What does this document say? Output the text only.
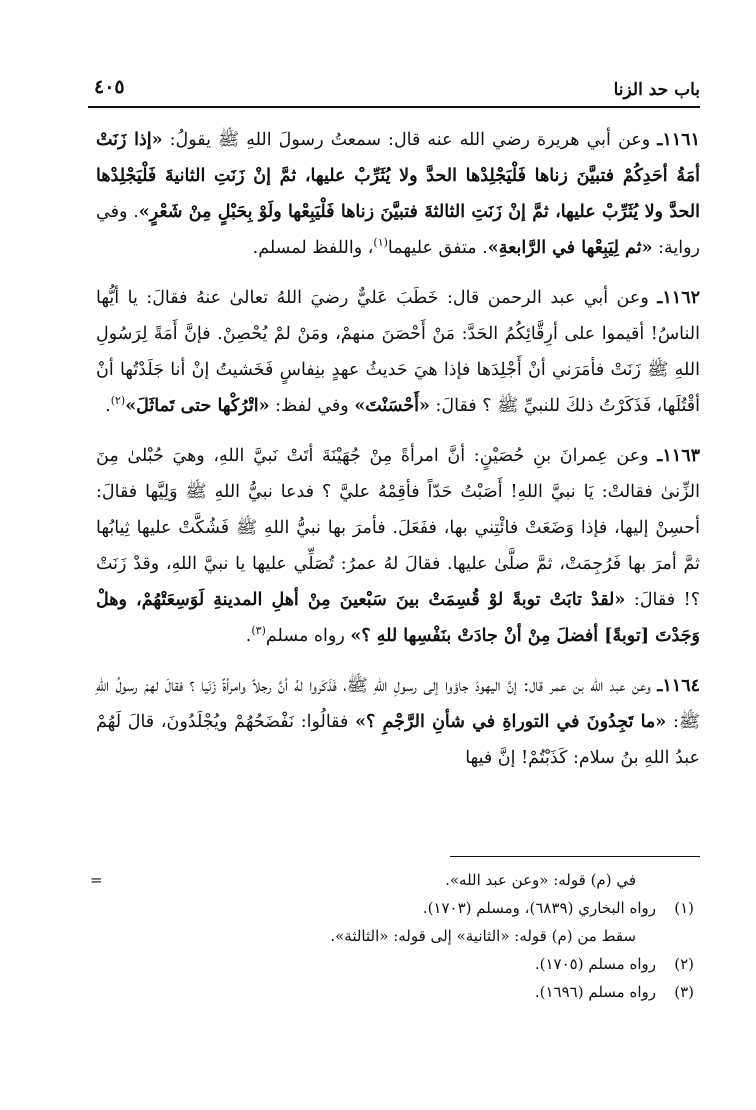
باب حد الزنا
٤٠٥

١١٦١ـ وعن أبي هريرة رضي الله عنه قال: سمعتُ رسولَ اللهِ ﷺ يقولُ: «إذا زَنَتْ أمَةُ أحَدِكُمْ فتبيَّنَ زناها فَلْيَجْلِدْها الحدَّ ولا يُثَرِّبْ عليها، ثمَّ إنْ زَنَتِ الثانيةَ فَلْيَجْلِدْها الحدَّ ولا يُثَرِّبْ عليها، ثمَّ إنْ زَنَتِ الثالثةَ فتبيَّنَ زناها فَلْيَبِعْها ولَوْ بِحَبْلٍ مِنْ شَعْرٍ». وفي رواية: «ثم لِيَبِعْها في الرَّابعةِ». متفق عليهما$^{(١)}$، واللفظ لمسلم.

١١٦٢ـ وعن أبي عبد الرحمن قال: خَطَبَ عَليٌّ رضيَ اللهُ تعالىٰ عنهُ فقالَ: يا أيُّها الناسُ! أقيموا على أرِقَّائِكُمُ الحَدَّ: مَنْ أَحْصَنَ منهمْ، ومَنْ لمْ يُحْصِنْ. فإنَّ أَمَةً لِرَسُولِ اللهِ ﷺ زَنَتْ فأمَرَني أنْ أَجْلِدَها فإذا هيَ حَديثُ عهدٍ بنِفاسٍ فَخَشيتُ إنْ أنا جَلَدْتُها أنْ أقْتُلَها، فَذَكَرْتُ ذلكَ للنبيِّ ﷺ ؟ فقالَ: «أَحْسَنْتَ» وفي لفظ: «اتْرُكْها حتى تَماثَلَ»$^{(٢)}$.

١١٦٣ـ وعن عِمرانَ بنِ حُصَيْنٍ: أنَّ امرأةً مِنْ جُهَيْنَةَ أتَتْ نَبيَّ اللهِ، وهيَ حُبْلىٰ مِنَ الزِّنىٰ فقالتْ: يَا نبيَّ اللهِ! أَصَبْتُ حَدّاً فأقِمْهُ عليَّ ؟ فدعا نبيُّ اللهِ ﷺ وَلِيَّها فقالَ: أحسِنْ إليها، فإذا وَضَعَتْ فائْتِني بها، ففَعَلَ. فأمرَ بها نبيُّ اللهِ ﷺ فَشُكَّتْ عليها ثِيابُها ثمَّ أمرَ بها فَرُجِمَتْ، ثمَّ صلَّىٰ عليها. فقالَ لهُ عمرُ: تُصَلِّي عليها يا نبيَّ اللهِ، وقدْ زَنَتْ ؟! فقالَ: «لقدْ تابَتْ توبةً لوْ قُسِمَتْ بينَ سَبْعينَ مِنْ أهلِ المدينةِ لَوَسِعَتْهُمْ، وهلْ وَجَدْتَ [توبةً] أفضلَ مِنْ أنْ جادَتْ بنَفْسِها للهِ ؟» رواه مسلم$^{(٣)}$.

١١٦٤ـ وعن عبد الله بن عمر قال: إنَّ اليهودَ جاؤوا إلى رسولِ اللهِ ﷺ، فَذَكَروا لهُ أنَّ رجلاً وامرأةً زَنَيا ؟ فقالَ لهمْ رسولُ اللهِ ﷺ: «ما تَجِدُونَ في التوراةِ في شأنِ الرَّجْمِ ؟» فقالُوا: نَفْضَحُهُمْ ويُجْلَدُونَ، قالَ لَهُمْ عبدُ اللهِ بنُ سلام: كَذَبْتُمْ! إنَّ فيها

في (م) قوله: «وعن عبد الله».
=
(١)
رواه البخاري (٦٨٣٩)، ومسلم (١٧٠٣).
سقط من (م) قوله: «الثانية» إلى قوله: «الثالثة».
(٢)
رواه مسلم (١٧٠٥).
(٣)
رواه مسلم (١٦٩٦).
